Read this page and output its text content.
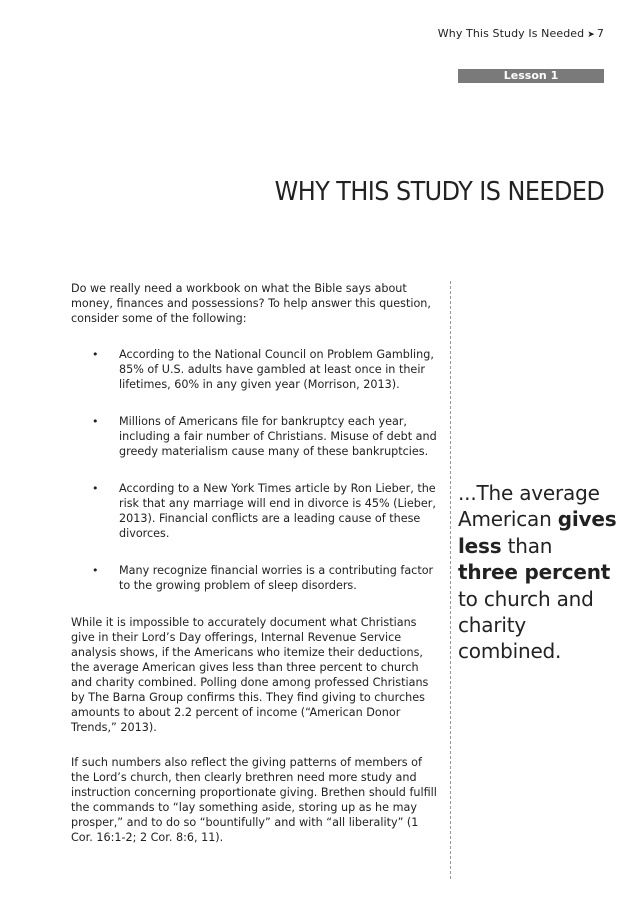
Why This Study Is Needed ➤ 7
Lesson 1
WHY THIS STUDY IS NEEDED

Do we really need a workbook on what the Bible says about money, finances and possessions? To help answer this question, consider some of the following:

• According to the National Council on Problem Gambling, 85% of U.S. adults have gambled at least once in their lifetimes, 60% in any given year (Morrison, 2013).
• Millions of Americans file for bankruptcy each year, including a fair number of Christians. Misuse of debt and greedy materialism cause many of these bankruptcies.
• According to a New York Times article by Ron Lieber, the risk that any marriage will end in divorce is 45% (Lieber, 2013). Financial conflicts are a leading cause of these divorces.
• Many recognize financial worries is a contributing factor to the growing problem of sleep disorders.

While it is impossible to accurately document what Christians give in their Lord’s Day offerings, Internal Revenue Service analysis shows, if the Americans who itemize their deductions, the average American gives less than three percent to church and charity combined. Polling done among professed Christians by The Barna Group confirms this. They find giving to churches amounts to about 2.2 percent of income (“American Donor Trends,” 2013).

If such numbers also reflect the giving patterns of members of the Lord’s church, then clearly brethren need more study and instruction concerning proportionate giving. Brethen should fulfill the commands to “lay something aside, storing up as he may prosper,” and to do so “bountifully” and with “all liberality” (1 Cor. 16:1-2; 2 Cor. 8:6, 11).

...The average American gives less than three percent to church and charity combined.
